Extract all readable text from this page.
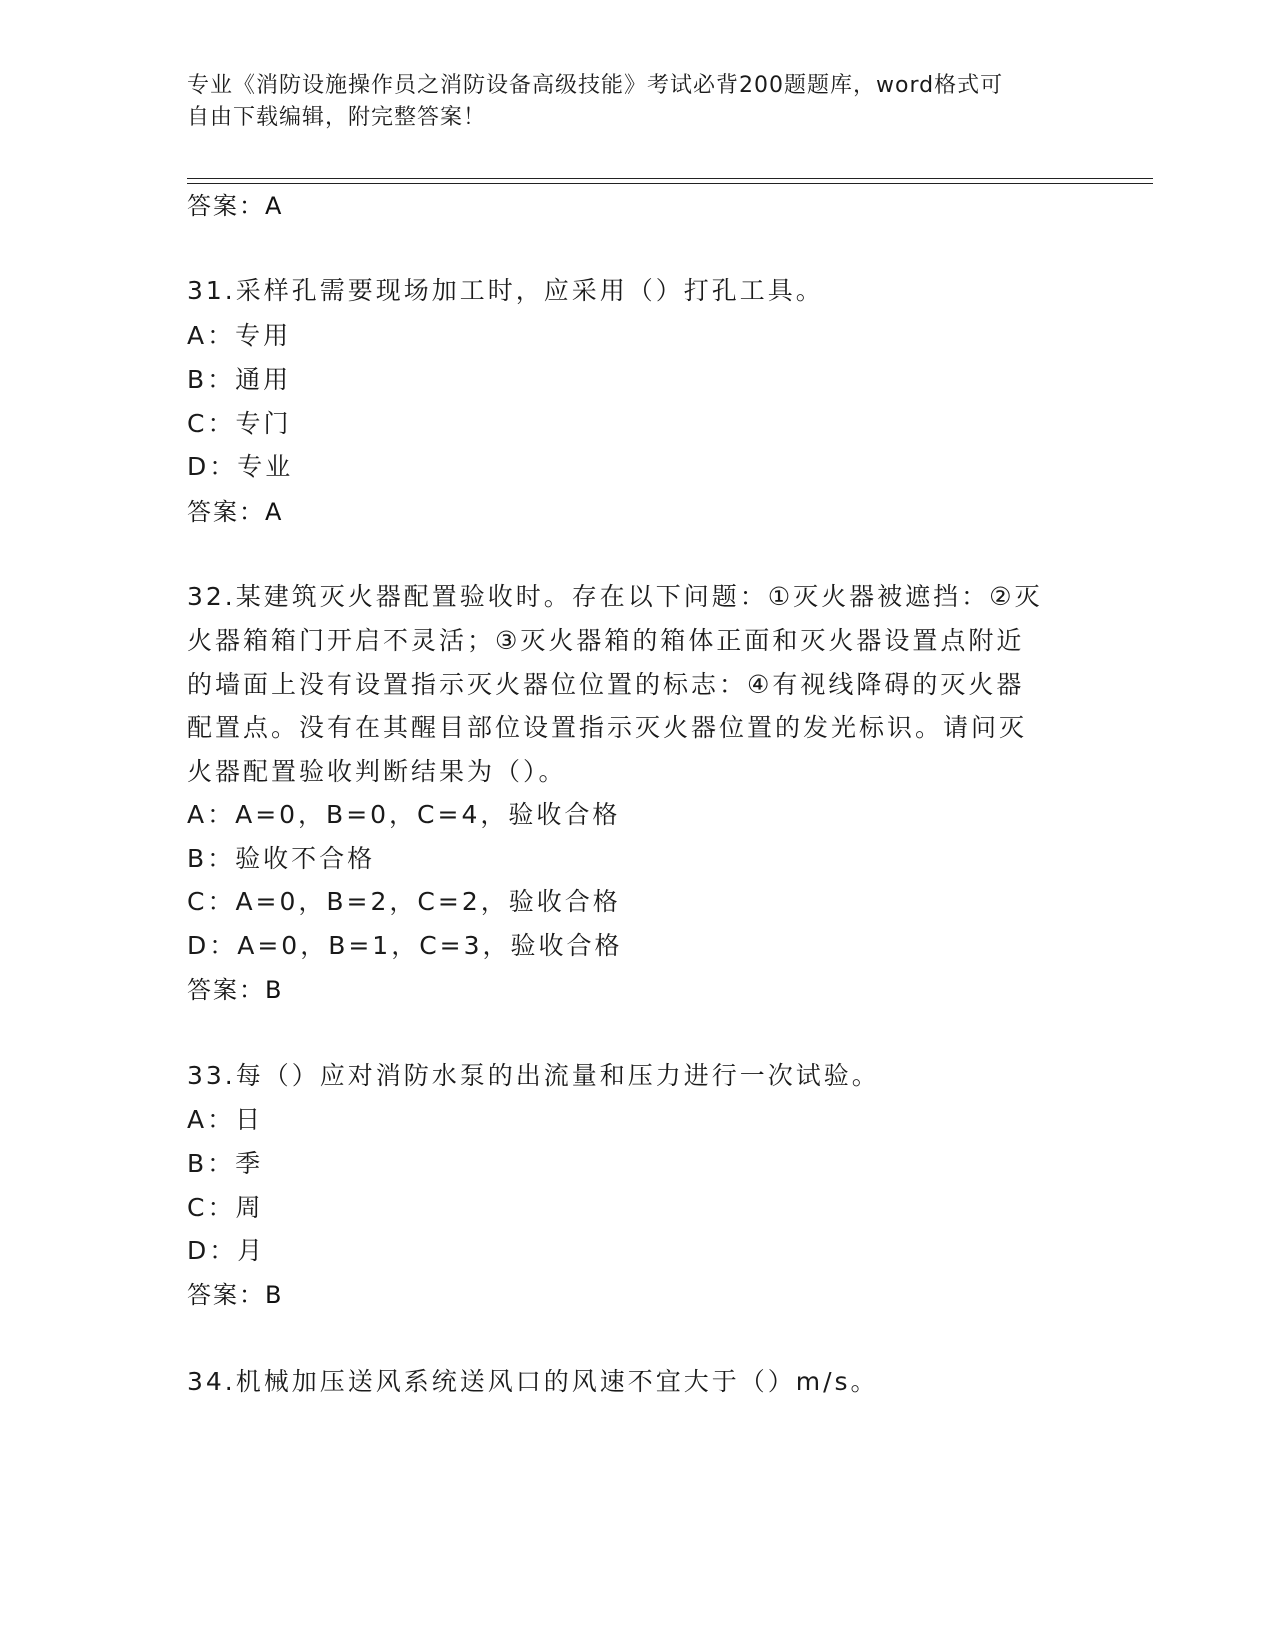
专业《消防设施操作员之消防设备高级技能》考试必背200题题库，word格式可
自由下载编辑，附完整答案！
答案：A
31.采样孔需要现场加工时，应采用（）打孔工具。
A：专用
B：通用
C：专门
D：专业
答案：A
32.某建筑灭火器配置验收时。存在以下问题：①灭火器被遮挡：②灭
火器箱箱门开启不灵活；③灭火器箱的箱体正面和灭火器设置点附近
的墙面上没有设置指示灭火器位位置的标志：④有视线降碍的灭火器
配置点。没有在其醒目部位设置指示灭火器位置的发光标识。请问灭
火器配置验收判断结果为（）。
A：A=0，B=0，C=4，验收合格
B：验收不合格
C：A=0，B=2，C=2，验收合格
D：A=0，B=1，C=3，验收合格
答案：B
33.每（）应对消防水泵的出流量和压力进行一次试验。
A：日
B：季
C：周
D：月
答案：B
34.机械加压送风系统送风口的风速不宜大于（）m/s。
